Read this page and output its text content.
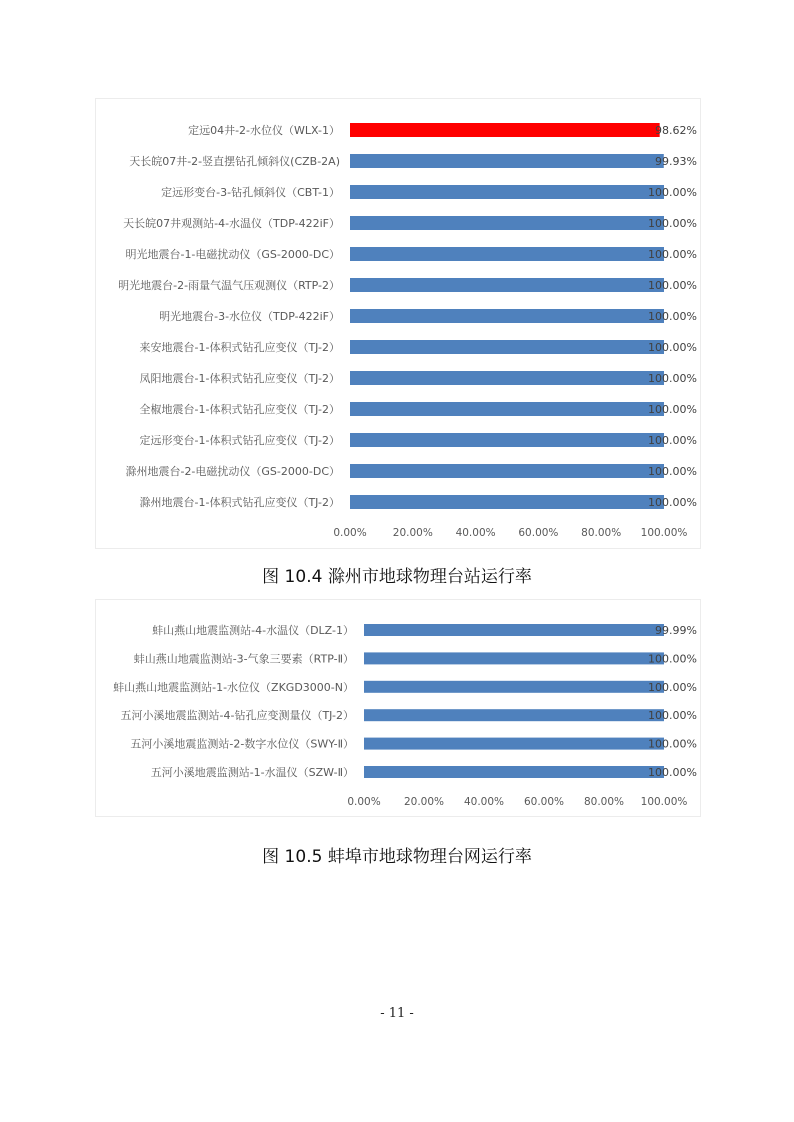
定远04井-2-水位仪（WLX-1）	98.62%
天长皖07井-2-竖直摆钻孔倾斜仪(CZB-2A)	99.93%
定远形变台-3-钻孔倾斜仪（CBT-1）	100.00%
天长皖07井观测站-4-水温仪（TDP-422iF）	100.00%
明光地震台-1-电磁扰动仪（GS-2000-DC）	100.00%
明光地震台-2-雨量气温气压观测仪（RTP-2）	100.00%
明光地震台-3-水位仪（TDP-422iF）	100.00%
来安地震台-1-体积式钻孔应变仪（TJ-2）	100.00%
凤阳地震台-1-体积式钻孔应变仪（TJ-2）	100.00%
全椒地震台-1-体积式钻孔应变仪（TJ-2）	100.00%
定远形变台-1-体积式钻孔应变仪（TJ-2）	100.00%
滁州地震台-2-电磁扰动仪（GS-2000-DC）	100.00%
滁州地震台-1-体积式钻孔应变仪（TJ-2）	100.00%
0.00% 20.00% 40.00% 60.00% 80.00% 100.00%
图 10.4 滁州市地球物理台站运行率
蚌山燕山地震监测站-4-水温仪（DLZ-1）	99.99%
蚌山燕山地震监测站-3-气象三要素（RTP-Ⅱ）	100.00%
蚌山燕山地震监测站-1-水位仪（ZKGD3000-N）	100.00%
五河小溪地震监测站-4-钻孔应变测量仪（TJ-2）	100.00%
五河小溪地震监测站-2-数字水位仪（SWY-Ⅱ）	100.00%
五河小溪地震监测站-1-水温仪（SZW-Ⅱ）	100.00%
0.00% 20.00% 40.00% 60.00% 80.00% 100.00%
图 10.5 蚌埠市地球物理台网运行率
- 11 -
